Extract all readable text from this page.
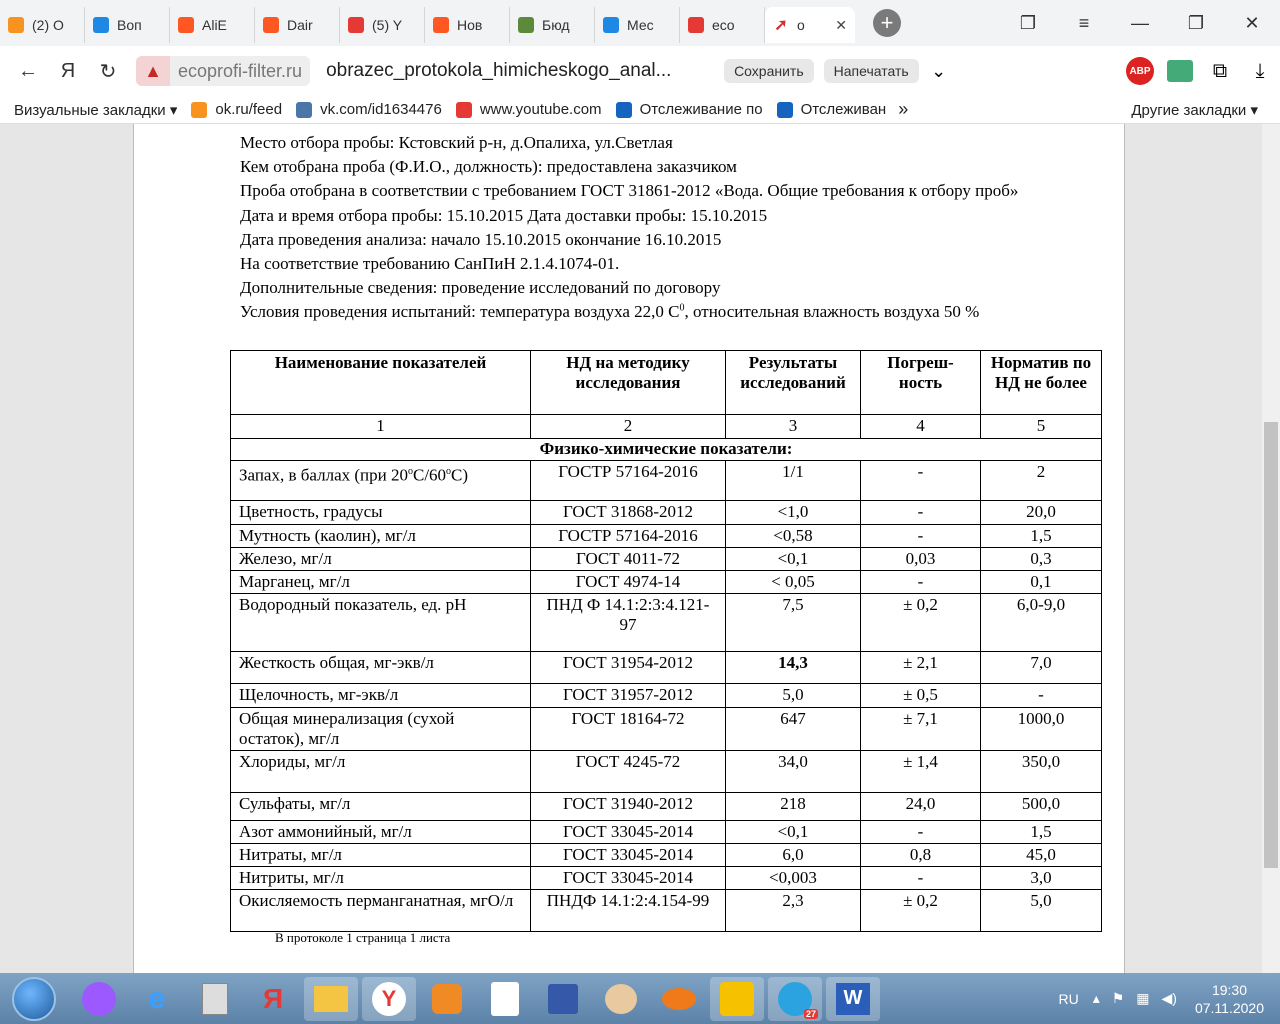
(2) О	Воп	AliE	Dair	(5) Y	Нов	Бюд	Мес	eco ➚ о ✕	+	❐	≡	—	❐	✕
←	Я	↻	▲ ecoprofi-filter.ru	obrazec_protokola_himicheskogo_anal...	Сохранить	Напечатать	⌄	ABP	⧉	⤓
Визуальные закладки ▾	ok.ru/feed	vk.com/id1634476	www.youtube.com	Отслеживание по	Отслеживан »	Другие закладки ▾
Место отбора пробы: Кстовский р-н, д.Опалиха, ул.Светлая
Кем отобрана проба (Ф.И.О., должность): предоставлена заказчиком
Проба отобрана в соответствии с требованием ГОСТ 31861-2012 «Вода. Общие требования к отбору проб»
Дата и время отбора пробы: 15.10.2015 Дата доставки пробы: 15.10.2015
Дата проведения анализа: начало 15.10.2015 окончание 16.10.2015
На соответствие требованию СанПиН 2.1.4.1074-01.
Дополнительные сведения: проведение исследований по договору
Условия проведения испытаний: температура воздуха 22,0 $С^0$, относительная влажность воздуха 50 %
Наименование показателей	НД на методику исследования	Результаты исследований	Погреш-ность	Норматив по НД не более
1	2	3	4	5
Физико-химические показатели:				
Запах, в баллах (при $20^оС/60^оС$)	ГОСТР 57164-2016	1/1	-	2
Цветность, градусы	ГОСТ 31868-2012	<1,0	-	20,0
Мутность (каолин), мг/л	ГОСТР 57164-2016	<0,58	-	1,5
Железо, мг/л	ГОСТ 4011-72	<0,1	0,03	0,3
Марганец, мг/л	ГОСТ 4974-14	< 0,05	-	0,1
Водородный показатель, ед. pH	ПНД Ф 14.1:2:3:4.121-97	7,5	± 0,2	6,0-9,0
Жесткость общая, мг-экв/л	ГОСТ 31954-2012	14,3	± 2,1	7,0
Щелочность, мг-экв/л	ГОСТ 31957-2012	5,0	± 0,5	-
Общая минерализация (сухой остаток), мг/л	ГОСТ 18164-72	647	± 7,1	1000,0
Хлориды, мг/л	ГОСТ 4245-72	34,0	± 1,4	350,0
Сульфаты, мг/л	ГОСТ 31940-2012	218	24,0	500,0
Азот аммонийный, мг/л	ГОСТ 33045-2014	<0,1	-	1,5
Нитраты, мг/л	ГОСТ 33045-2014	6,0	0,8	45,0
Нитриты, мг/л	ГОСТ 33045-2014	<0,003	-	3,0
Окисляемость перманганатная, мгО/л	ПНДФ 14.1:2:4.154-99	2,3	± 0,2	5,0
В протоколе 1 страница 1 листа
e	Я	Y
27
W	RU ▴ ⚑ ▦ ◀)
19:30
07.11.2020
